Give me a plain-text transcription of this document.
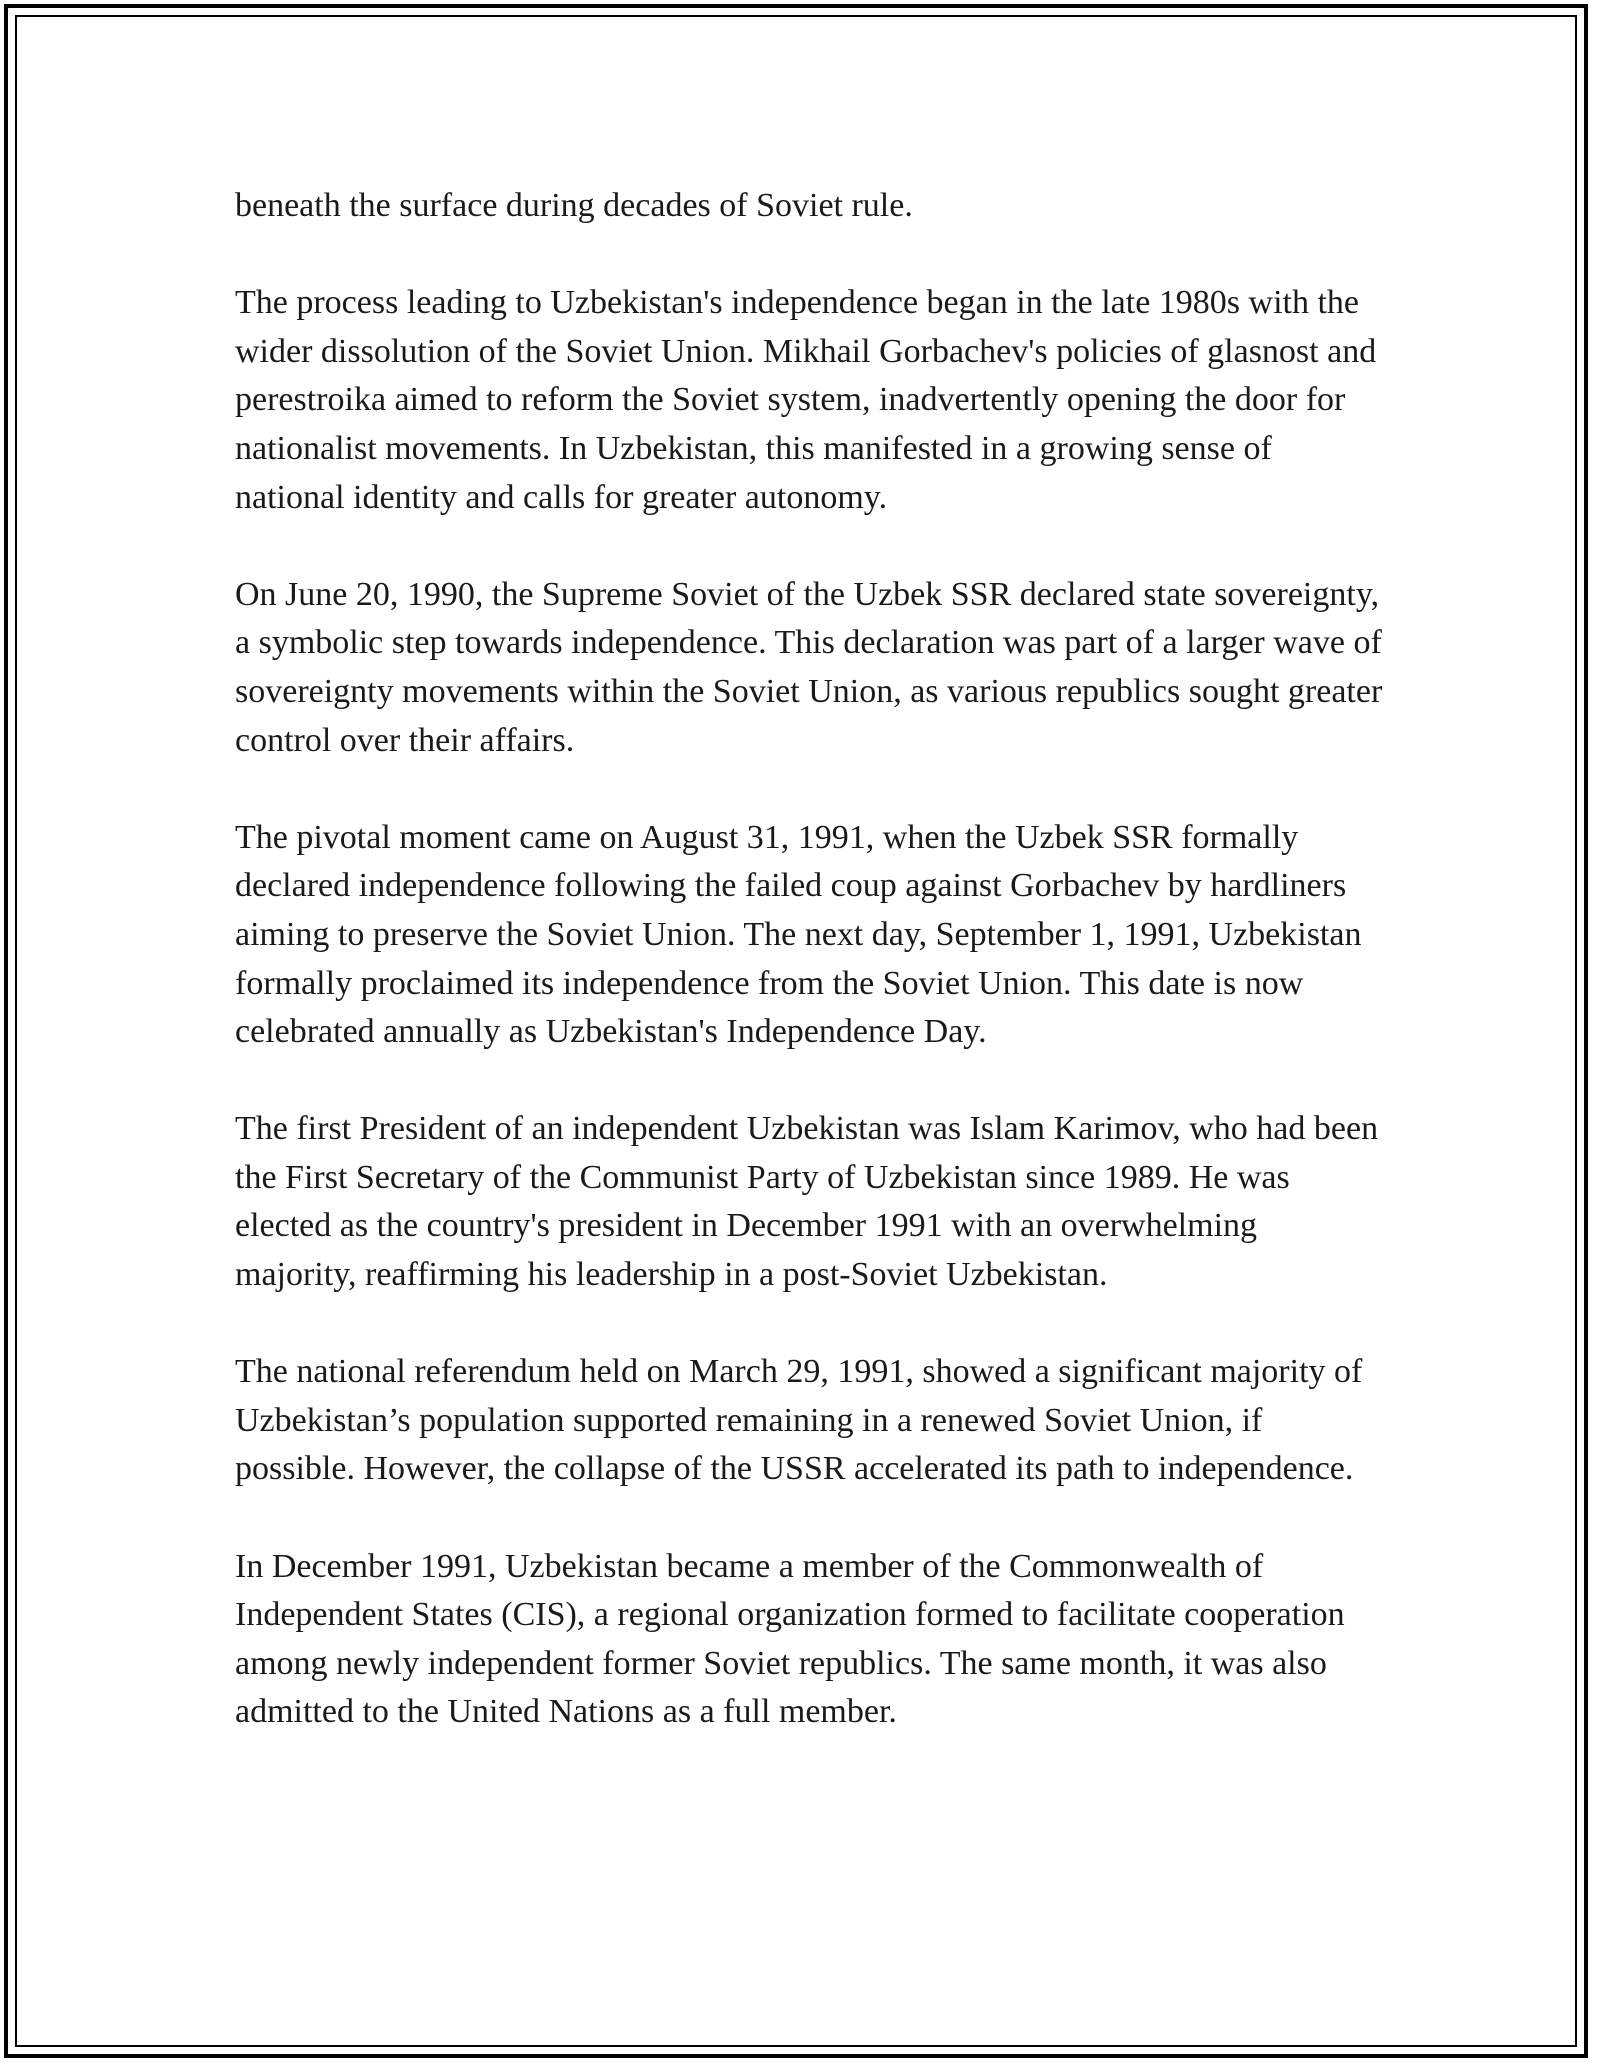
beneath the surface during decades of Soviet rule.

The process leading to Uzbekistan's independence began in the late 1980s with the wider dissolution of the Soviet Union. Mikhail Gorbachev's policies of glasnost and perestroika aimed to reform the Soviet system, inadvertently opening the door for nationalist movements. In Uzbekistan, this manifested in a growing sense of national identity and calls for greater autonomy.

On June 20, 1990, the Supreme Soviet of the Uzbek SSR declared state sovereignty, a symbolic step towards independence. This declaration was part of a larger wave of sovereignty movements within the Soviet Union, as various republics sought greater control over their affairs.

The pivotal moment came on August 31, 1991, when the Uzbek SSR formally declared independence following the failed coup against Gorbachev by hardliners aiming to preserve the Soviet Union. The next day, September 1, 1991, Uzbekistan formally proclaimed its independence from the Soviet Union. This date is now celebrated annually as Uzbekistan's Independence Day.

The first President of an independent Uzbekistan was Islam Karimov, who had been the First Secretary of the Communist Party of Uzbekistan since 1989. He was elected as the country's president in December 1991 with an overwhelming majority, reaffirming his leadership in a post-Soviet Uzbekistan.

The national referendum held on March 29, 1991, showed a significant majority of Uzbekistan’s population supported remaining in a renewed Soviet Union, if possible. However, the collapse of the USSR accelerated its path to independence.

In December 1991, Uzbekistan became a member of the Commonwealth of Independent States (CIS), a regional organization formed to facilitate cooperation among newly independent former Soviet republics. The same month, it was also admitted to the United Nations as a full member.
